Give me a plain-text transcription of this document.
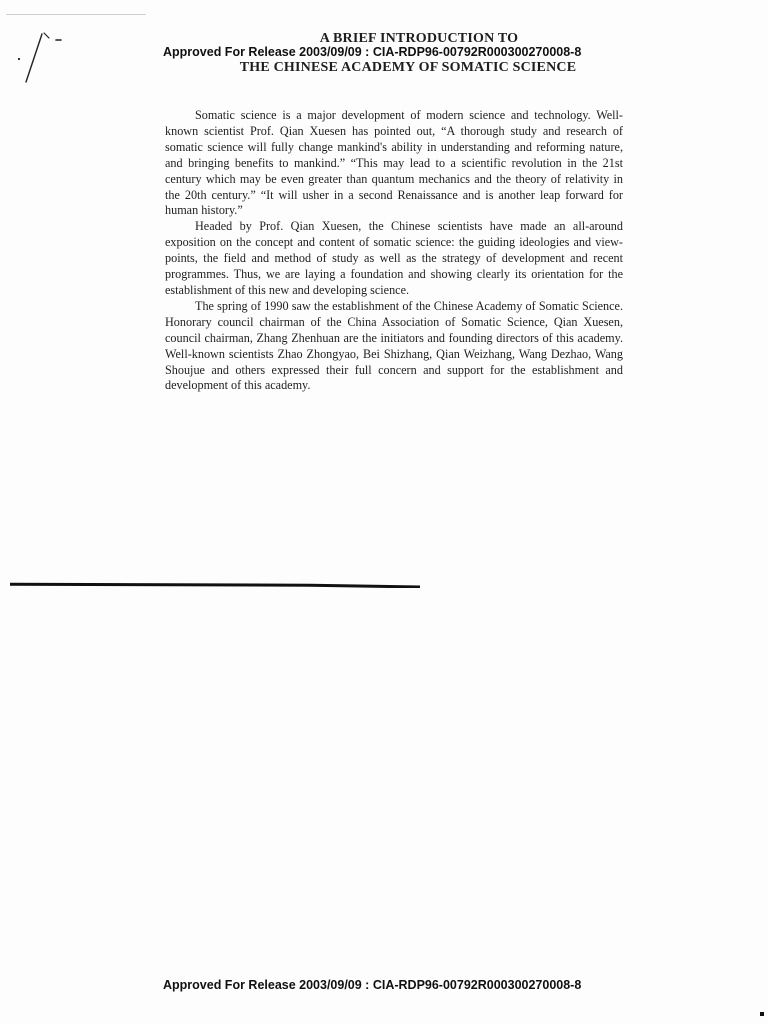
A BRIEF INTRODUCTION TO
Approved For Release 2003/09/09 : CIA-RDP96-00792R000300270008-8
THE CHINESE ACADEMY OF SOMATIC SCIENCE

Somatic science is a major development of modern science and technology. Well-known scientist Prof. Qian Xuesen has pointed out, “A thorough study and research of somatic science will fully change mankind's ability in understanding and reforming nature, and bringing benefits to mankind.” “This may lead to a scientific revolution in the 21st century which may be even greater than quantum mechanics and the theory of relativity in the 20th century.” “It will usher in a second Renaissance and is another leap forward for human history.”

Headed by Prof. Qian Xuesen, the Chinese scientists have made an all-around exposition on the concept and content of somatic science: the guiding ideologies and view-points, the field and method of study as well as the strategy of development and recent programmes. Thus, we are laying a foundation and showing clearly its orientation for the establishment of this new and developing science.

The spring of 1990 saw the establishment of the Chinese Academy of Somatic Science. Honorary council chairman of the China Association of Somatic Science, Qian Xuesen, council chairman, Zhang Zhenhuan are the initiators and founding directors of this academy. Well-known scientists Zhao Zhongyao, Bei Shizhang, Qian Weizhang, Wang Dezhao, Wang Shoujue and others expressed their full concern and support for the establishment and development of this academy.

Approved For Release 2003/09/09 : CIA-RDP96-00792R000300270008-8
